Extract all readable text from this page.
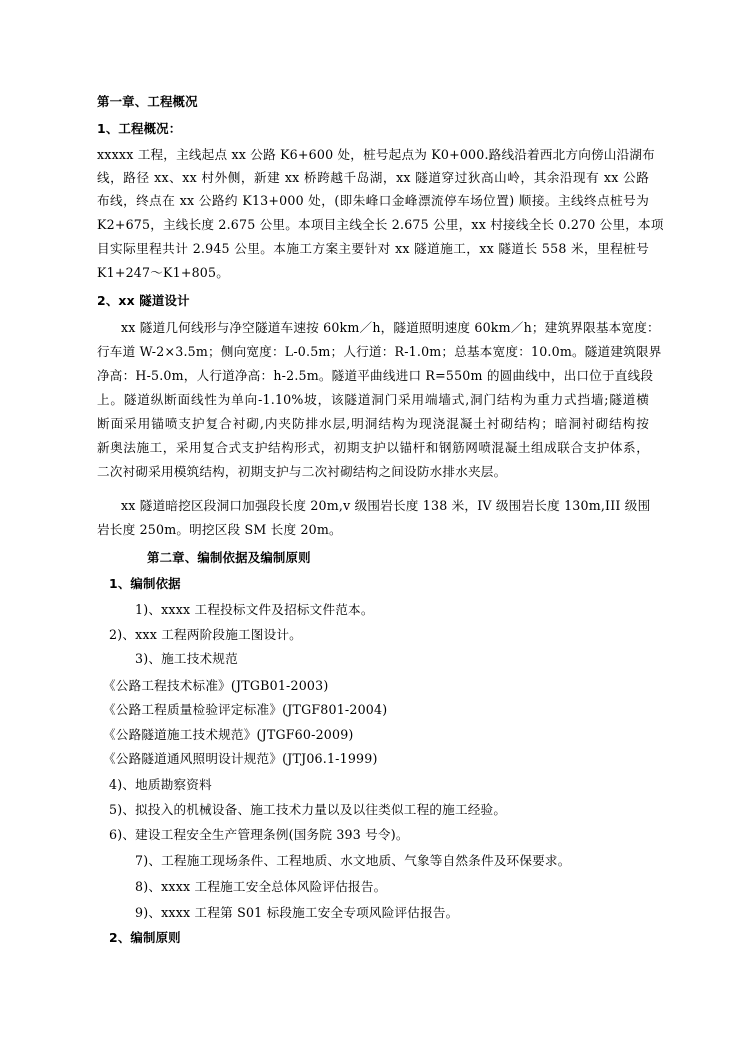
第一章、工程概况
1、工程概况：
xxxxx 工程，主线起点 xx 公路 K6+600 处，桩号起点为 K0+000.路线沿着西北方向傍山沿湖布
线，路径 xx、xx 村外侧，新建 xx 桥跨越千岛湖，xx 隧道穿过狄高山岭，其余沿现有 xx 公路
布线，终点在 xx 公路约 K13+000 处，(即朱峰口金峰漂流停车场位置) 顺接。主线终点桩号为
K2+675，主线长度 2.675 公里。本项目主线全长 2.675 公里，xx 村接线全长 0.270 公里，本项
目实际里程共计 2.945 公里。本施工方案主要针对 xx 隧道施工，xx 隧道长 558 米，里程桩号
K1+247～K1+805。
2、xx 隧道设计
xx 隧道几何线形与净空隧道车速按 60km／h，隧道照明速度 60km／h；建筑界限基本宽度：
行车道 W-2×3.5m；侧向宽度：L-0.5m；人行道：R-1.0m；总基本宽度：10.0m。隧道建筑限界
净高：H-5.0m，人行道净高：h-2.5m。隧道平曲线进口 R=550m 的圆曲线中，出口位于直线段
上。隧道纵断面线性为单向-1.10%坡，该隧道洞门采用端墙式,洞门结构为重力式挡墙;隧道横
断面采用锚喷支护复合衬砌,内夹防排水层,明洞结构为现浇混凝土衬砌结构；暗洞衬砌结构按
新奥法施工，采用复合式支护结构形式，初期支护以锚杆和钢筋网喷混凝土组成联合支护体系，
二次衬砌采用模筑结构，初期支护与二次衬砌结构之间设防水排水夹层。
xx 隧道暗挖区段洞口加强段长度 20m,v 级围岩长度 138 米，IV 级围岩长度 130m,III 级围
岩长度 250m。明挖区段 SM 长度 20m。
第二章、编制依据及编制原则
1、编制依据
1)、xxxx 工程投标文件及招标文件范本。
2)、xxx 工程两阶段施工图设计。
3)、施工技术规范
《公路工程技术标准》(JTGB01-2003)
《公路工程质量检验评定标准》(JTGF801-2004)
《公路隧道施工技术规范》(JTGF60-2009)
《公路隧道通风照明设计规范》(JTJ06.1-1999)
4)、地质勘察资料
5)、拟投入的机械设备、施工技术力量以及以往类似工程的施工经验。
6)、建设工程安全生产管理条例(国务院 393 号令)。
7)、工程施工现场条件、工程地质、水文地质、气象等自然条件及环保要求。
8)、xxxx 工程施工安全总体风险评估报告。
9)、xxxx 工程第 S01 标段施工安全专项风险评估报告。
2、编制原则
